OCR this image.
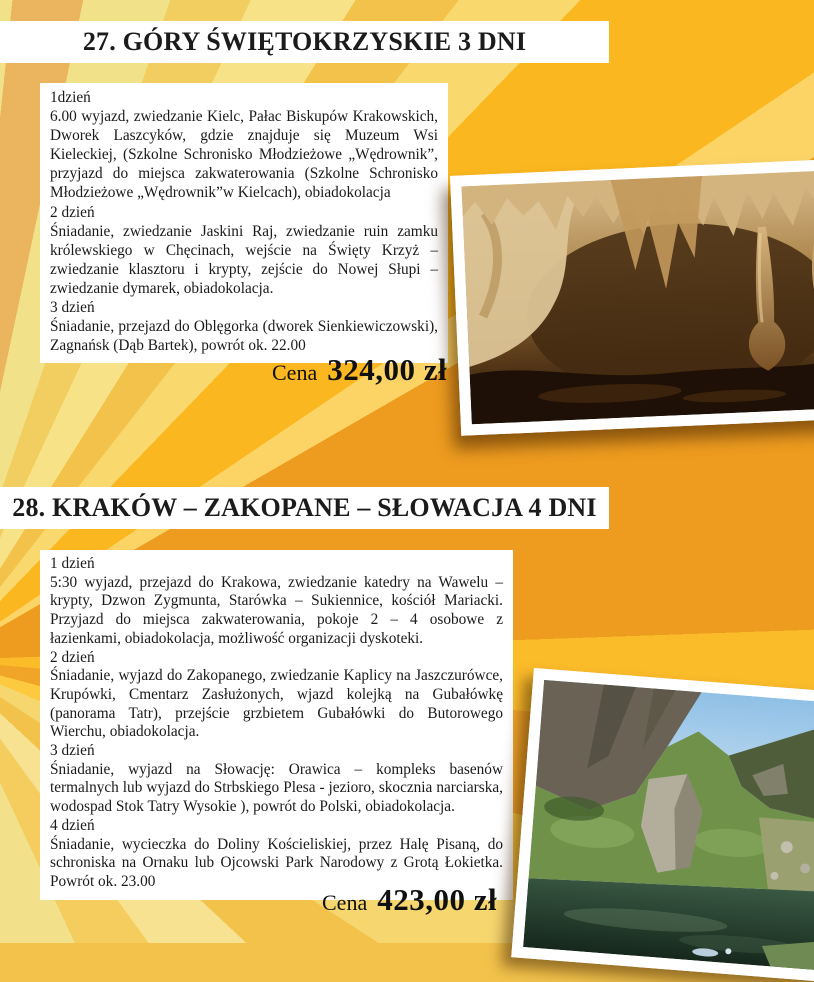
27. GÓRY ŚWIĘTOKRZYSKIE 3 DNI

1dzień

6.00 wyjazd, zwiedzanie Kielc, Pałac Biskupów Krakowskich, Dworek Laszcyków, gdzie znajduje się Muzeum Wsi Kieleckiej, (Szkolne Schronisko Młodzieżowe „Wędrownik”, przyjazd do miejsca zakwaterowania (Szkolne Schronisko Młodzieżowe „Wędrownik”w Kielcach), obiadokolacja

2 dzień

Śniadanie, zwiedzanie Jaskini Raj, zwiedzanie ruin zamku królewskiego w Chęcinach, wejście na Święty Krzyż – zwiedzanie klasztoru i krypty, zejście do Nowej Słupi – zwiedzanie dymarek, obiadokolacja.

3 dzień

Śniadanie, przejazd do Oblęgorka (dworek Sienkiewiczowski), Zagnańsk (Dąb Bartek), powrót ok. 22.00

Cena 324,00 zł
28. KRAKÓW – ZAKOPANE – SŁOWACJA 4 DNI

1 dzień

5:30 wyjazd, przejazd do Krakowa, zwiedzanie katedry na Wawelu – krypty, Dzwon Zygmunta, Starówka – Sukiennice, kościół Mariacki. Przyjazd do miejsca zakwaterowania, pokoje 2 – 4 osobowe z łazienkami, obiadokolacja, możliwość organizacji dyskoteki.

2 dzień

Śniadanie, wyjazd do Zakopanego, zwiedzanie Kaplicy na Jaszczurówce, Krupówki, Cmentarz Zasłużonych, wjazd kolejką na Gubałówkę (panorama Tatr), przejście grzbietem Gubałówki do Butorowego Wierchu, obiadokolacja.

3 dzień

Śniadanie, wyjazd na Słowację: Orawica – kompleks basenów termalnych lub wyjazd do Strbskiego Plesa - jezioro, skocznia narciarska, wodospad Stok Tatry Wysokie ), powrót do Polski, obiadokolacja.

4 dzień

Śniadanie, wycieczka do Doliny Kościeliskiej, przez Halę Pisaną, do schroniska na Ornaku lub Ojcowski Park Narodowy z Grotą Łokietka. Powrót ok. 23.00

Cena 423,00 zł
